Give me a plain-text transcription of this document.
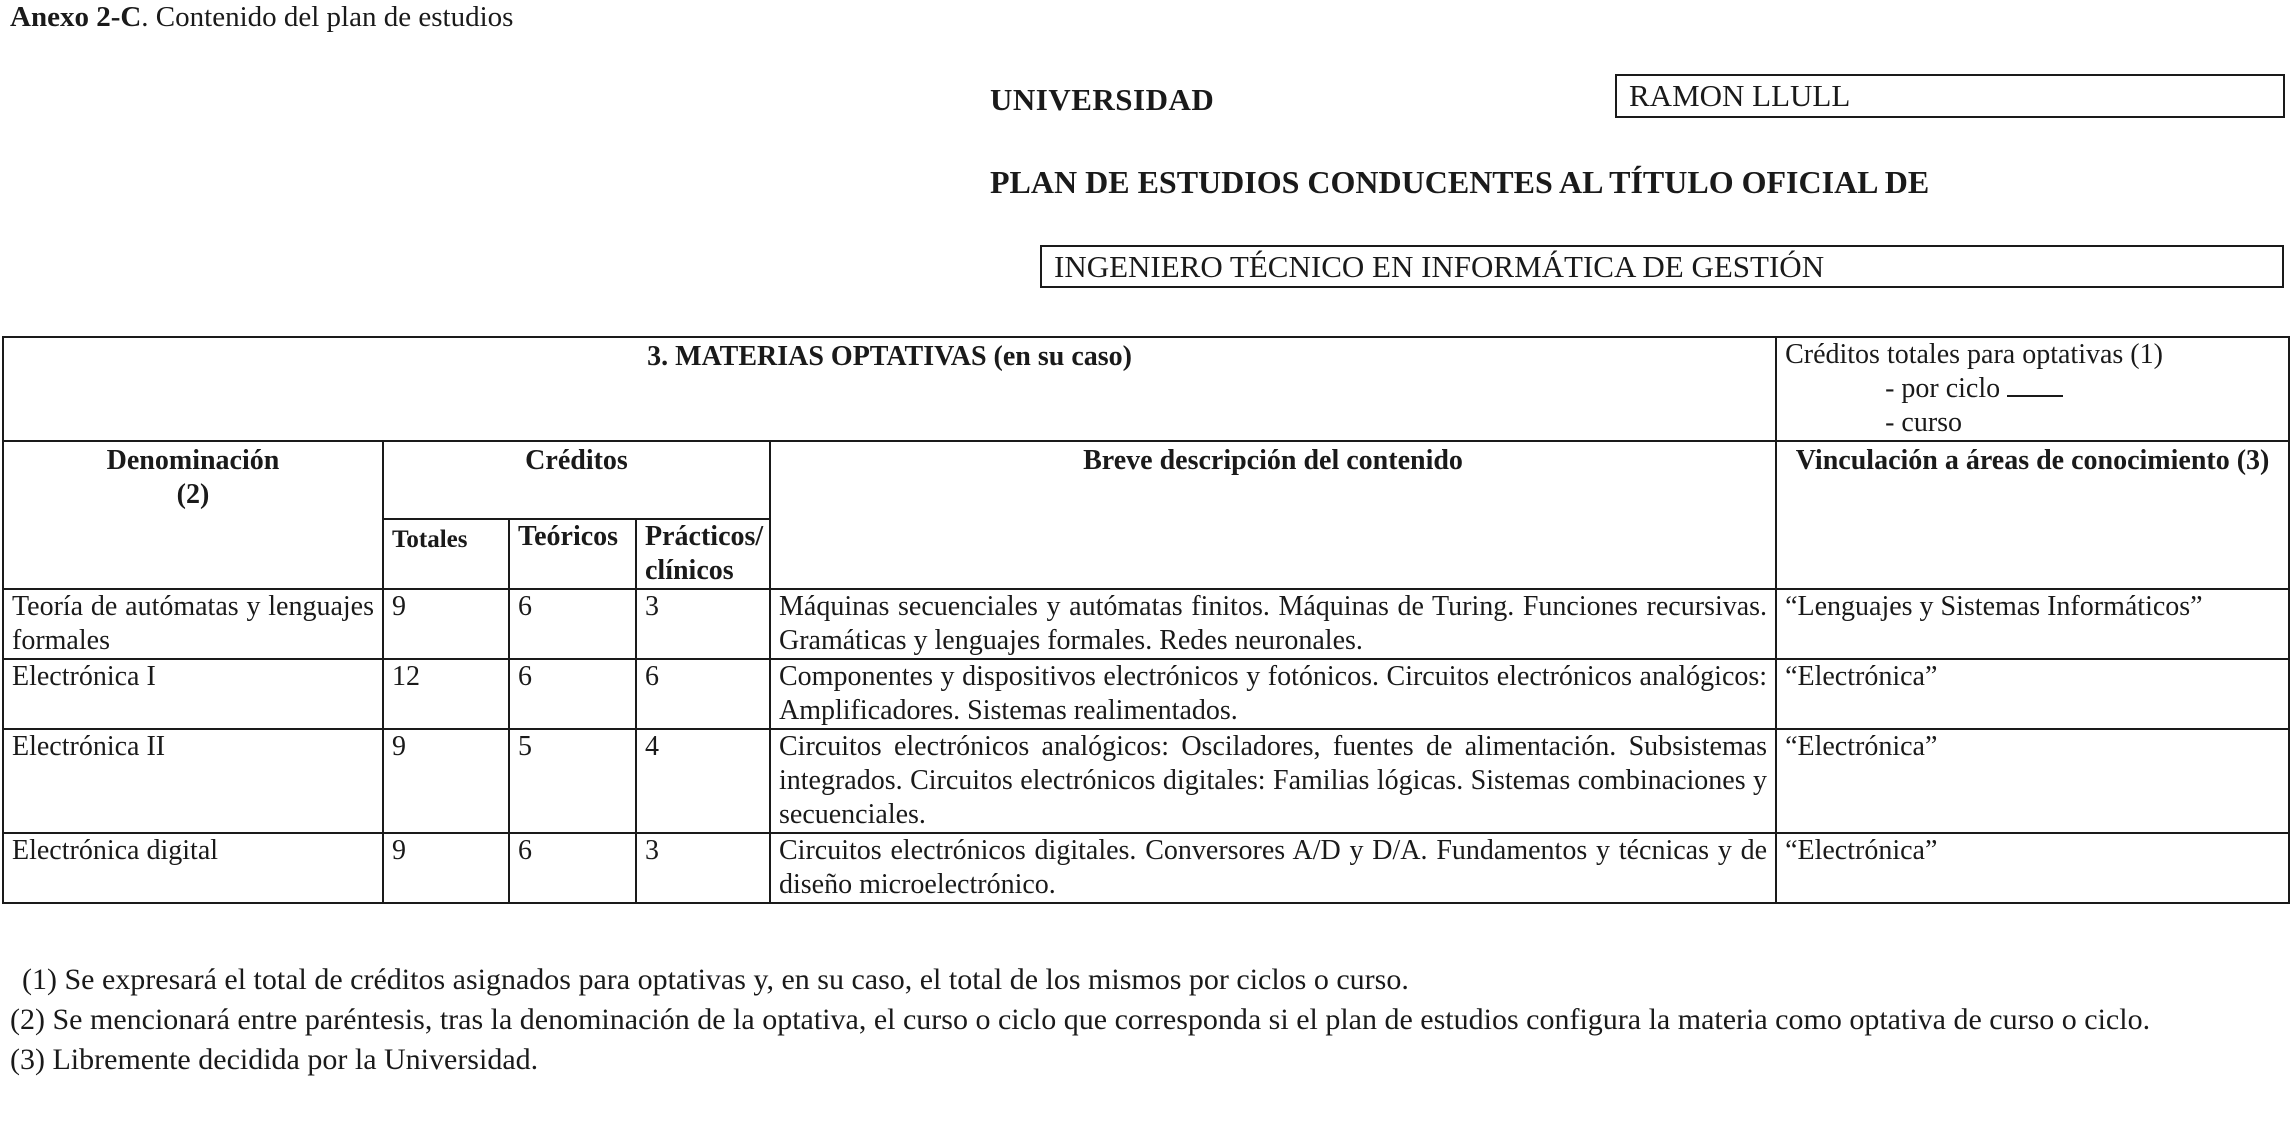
Anexo 2-C. Contenido del plan de estudios
UNIVERSIDAD	RAMON LLULL
PLAN DE ESTUDIOS CONDUCENTES AL TÍTULO OFICIAL DE
INGENIERO TÉCNICO EN INFORMÁTICA DE GESTIÓN
3. MATERIAS OPTATIVAS (en su caso)					Créditos totales para optativas (1)
- por ciclo
- curso

Denominación
(2)	Créditos			Breve descripción del contenido	Vinculación a áreas de conocimiento (3)
	Totales	Teóricos	Prácticos/ clínicos		
Teoría de autómatas y lenguajes formales	9	6	3	Máquinas secuenciales y autómatas finitos. Máquinas de Turing. Funciones recursivas. Gramáticas y lenguajes formales. Redes neuronales.	“Lenguajes y Sistemas Informáticos”
Electrónica I	12	6	6	Componentes y dispositivos electrónicos y fotónicos. Circuitos electrónicos analógicos: Amplificadores. Sistemas realimentados.	“Electrónica”
Electrónica II	9	5	4	Circuitos electrónicos analógicos: Osciladores, fuentes de alimentación. Subsistemas integrados. Circuitos electrónicos digitales: Familias lógicas. Sistemas combinaciones y secuenciales.	“Electrónica”
Electrónica digital	9	6	3	Circuitos electrónicos digitales. Conversores A/D y D/A. Fundamentos y técnicas y de diseño microelectrónico.	“Electrónica”

(1) Se expresará el total de créditos asignados para optativas y, en su caso, el total de los mismos por ciclos o curso.

(2) Se mencionará entre paréntesis, tras la denominación de la optativa, el curso o ciclo que corresponda si el plan de estudios configura la materia como optativa de curso o ciclo.

(3) Libremente decidida por la Universidad.
